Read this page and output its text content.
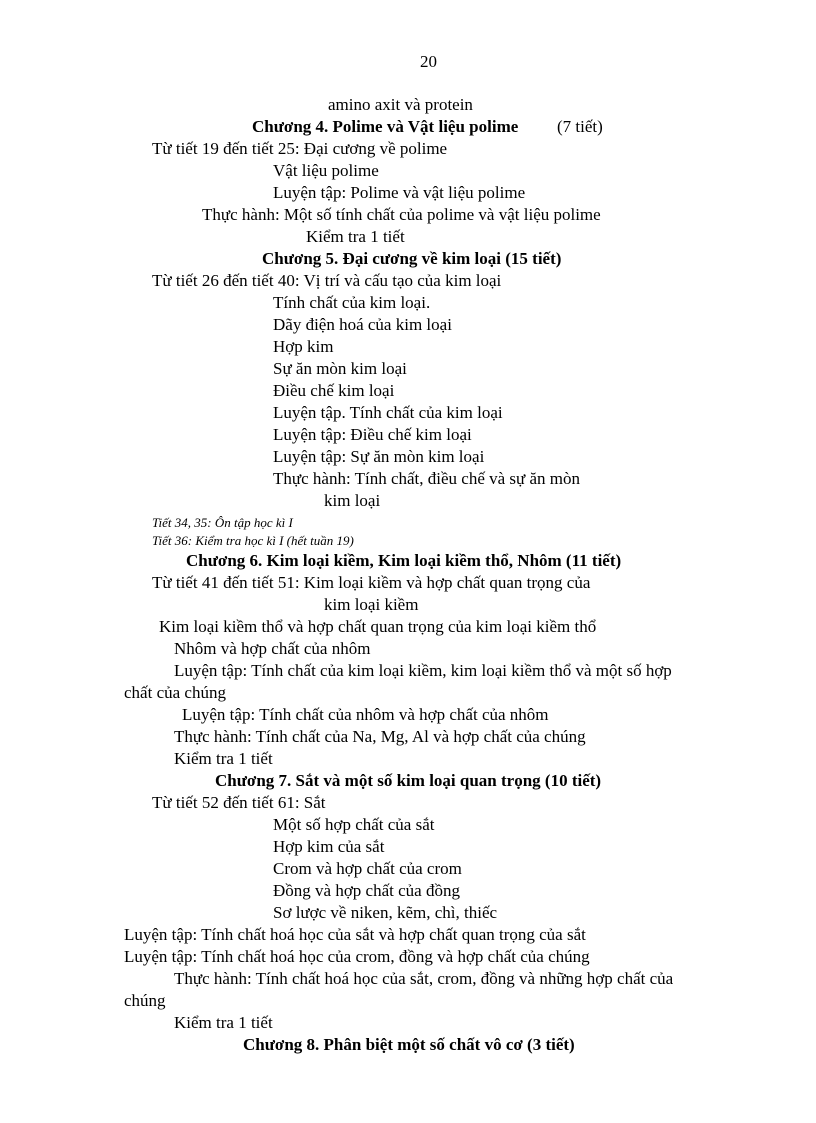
20
amino axit và protein
Chương 4. Polime và Vật liệu polime (7 tiết)
Từ tiết 19 đến tiết 25: Đại cương về polime
Vật liệu polime
Luyện tập: Polime và vật liệu polime
Thực hành: Một số tính chất của polime và vật liệu polime
Kiểm tra 1 tiết
Chương 5. Đại cương về kim loại (15 tiết)
Từ tiết 26 đến tiết 40: Vị trí và cấu tạo của kim loại
Tính chất của kim loại.
Dãy điện hoá của kim loại
Hợp kim
Sự ăn mòn kim loại
Điều chế kim loại
Luyện tập. Tính chất của kim loại
Luyện tập: Điều chế kim loại
Luyện tập: Sự ăn mòn kim loại
Thực hành: Tính chất, điều chế và sự ăn mòn
kim loại
Tiết 34, 35: Ôn tập học kì I
Tiết 36: Kiểm tra học kì I (hết tuần 19)
Chương 6. Kim loại kiềm, Kim loại kiềm thổ, Nhôm (11 tiết)
Từ tiết 41 đến tiết 51: Kim loại kiềm và hợp chất quan trọng của
kim loại kiềm
Kim loại kiềm thổ và hợp chất quan trọng của kim loại kiềm thổ
Nhôm và hợp chất của nhôm
Luyện tập: Tính chất của kim loại kiềm, kim loại kiềm thổ và một số hợp
chất của chúng
Luyện tập: Tính chất của nhôm và hợp chất của nhôm
Thực hành: Tính chất của Na, Mg, Al và hợp chất của chúng
Kiểm tra 1 tiết
Chương 7. Sắt và một số kim loại quan trọng (10 tiết)
Từ tiết 52 đến tiết 61: Sắt
Một số hợp chất của sắt
Hợp kim của sắt
Crom và hợp chất của crom
Đồng và hợp chất của đồng
Sơ lược về niken, kẽm, chì, thiếc
Luyện tập: Tính chất hoá học của sắt và hợp chất quan trọng của sắt
Luyện tập: Tính chất hoá học của crom, đồng và hợp chất của chúng
Thực hành: Tính chất hoá học của sắt, crom, đồng và những hợp chất của
chúng
Kiểm tra 1 tiết
Chương 8. Phân biệt một số chất vô cơ (3 tiết)
